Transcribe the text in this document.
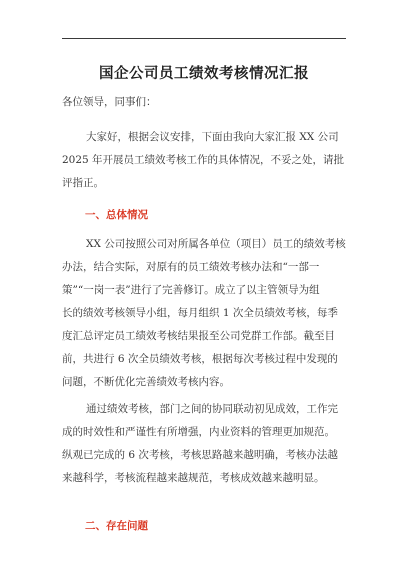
国企公司员工绩效考核情况汇报
各位领导，同事们：
大家好，根据会议安排，下面由我向大家汇报 XX 公司
2025 年开展员工绩效考核工作的具体情况，不妥之处，请批
评指正。
一、总体情况
XX 公司按照公司对所属各单位（项目）员工的绩效考核
办法，结合实际，对原有的员工绩效考核办法和“一部一
策”“一岗一表”进行了完善修订。成立了以主管领导为组
长的绩效考核领导小组，每月组织 1 次全员绩效考核，每季
度汇总评定员工绩效考核结果报至公司党群工作部。截至目
前，共进行 6 次全员绩效考核，根据每次考核过程中发现的
问题，不断优化完善绩效考核内容。
通过绩效考核，部门之间的协同联动初见成效，工作完
成的时效性和严谨性有所增强，内业资料的管理更加规范。
纵观已完成的 6 次考核，考核思路越来越明确，考核办法越
来越科学，考核流程越来越规范，考核成效越来越明显。
二、存在问题
